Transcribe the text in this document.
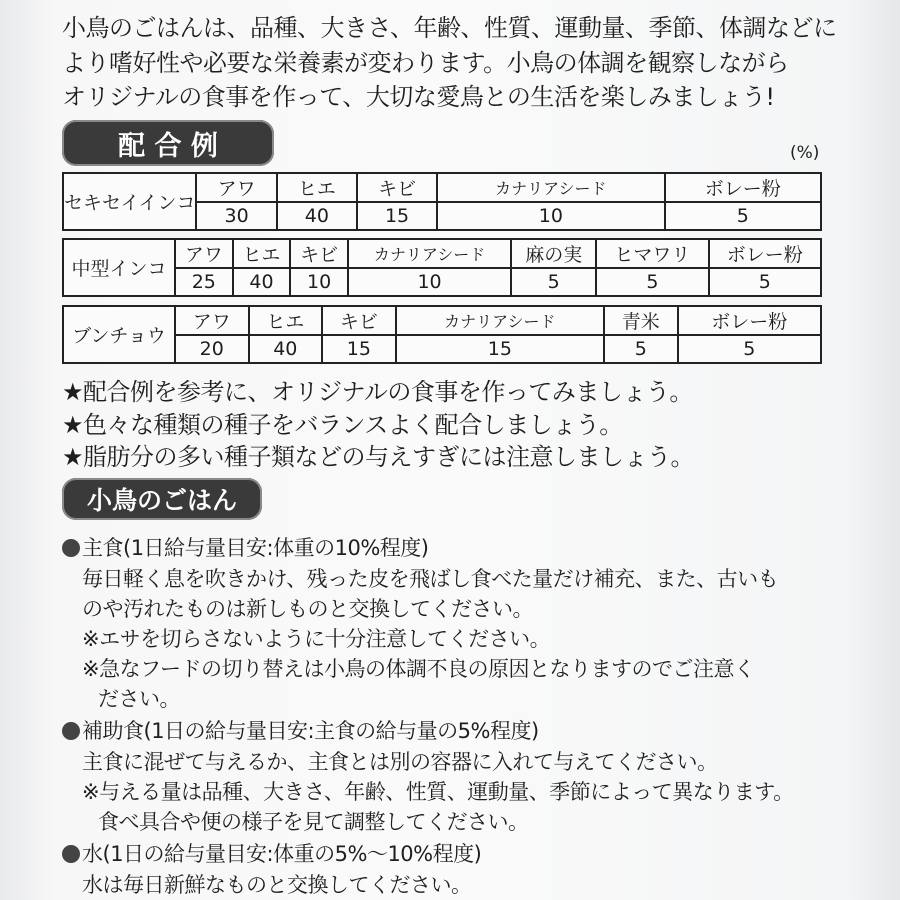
小鳥のごはんは、品種、大きさ、年齢、性質、運動量、季節、体調などに
より嗜好性や必要な栄養素が変わります。小鳥の体調を観察しながら
オリジナルの食事を作って、大切な愛鳥との生活を楽しみましょう!
配 合 例	(%)
セキセイインコ	アワ	ヒエ	キビ	カナリアシード	ボレー粉
	30	40	15	10	5
中型インコ	アワ	ヒエ	キビ	カナリアシード	麻の実	ヒマワリ	ボレー粉
	25	40	10	10	5	5	5
ブンチョウ	アワ	ヒエ	キビ	カナリアシード	青米	ボレー粉
	20	40	15	15	5	5
★配合例を参考に、オリジナルの食事を作ってみましょう。
★色々な種類の種子をバランスよく配合しましょう。
★脂肪分の多い種子類などの与えすぎには注意しましょう。
小鳥のごはん
主食(1日給与量目安:体重の10%程度)
毎日軽く息を吹きかけ、残った皮を飛ばし食べた量だけ補充、また、古いも
のや汚れたものは新しものと交換してください。
※エサを切らさないように十分注意してください。
※急なフードの切り替えは小鳥の体調不良の原因となりますのでご注意く
ださい。
補助食(1日の給与量目安:主食の給与量の5%程度)
主食に混ぜて与えるか、主食とは別の容器に入れて与えてください。
※与える量は品種、大きさ、年齢、性質、運動量、季節によって異なります。
食べ具合や便の様子を見て調整してください。
水(1日の給与量目安:体重の5%〜10%程度)
水は毎日新鮮なものと交換してください。
